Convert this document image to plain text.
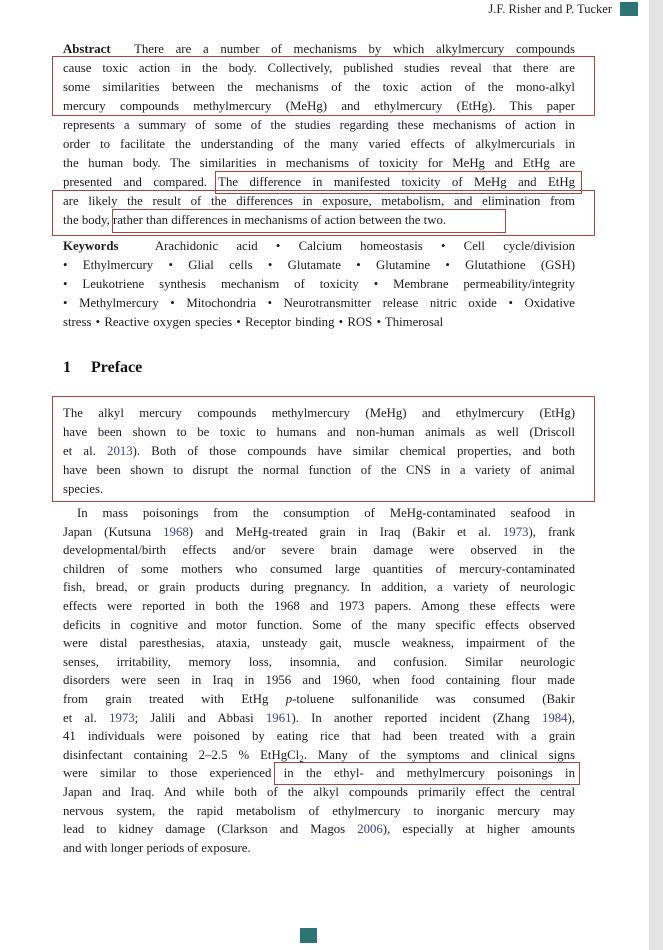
J.F. Risher and P. Tucker
Abstract  There are a number of mechanisms by which alkylmercury compounds
cause toxic action in the body. Collectively, published studies reveal that there are
some similarities between the mechanisms of the toxic action of the mono-alkyl
mercury compounds methylmercury (MeHg) and ethylmercury (EtHg). This paper
represents a summary of some of the studies regarding these mechanisms of action in
order to facilitate the understanding of the many varied effects of alkylmercurials in
the human body. The similarities in mechanisms of toxicity for MeHg and EtHg are
presented and compared. The difference in manifested toxicity of MeHg and EtHg
are likely the result of the differences in exposure, metabolism, and elimination from
the body, rather than differences in mechanisms of action between the two.
Keywords  Arachidonic acid • Calcium homeostasis • Cell cycle/division
• Ethylmercury • Glial cells • Glutamate • Glutamine • Glutathione (GSH)
• Leukotriene synthesis mechanism of toxicity • Membrane permeability/integrity
• Methylmercury • Mitochondria • Neurotransmitter release nitric oxide • Oxidative
stress • Reactive oxygen species • Receptor binding • ROS • Thimerosal
1 Preface
The alkyl mercury compounds methylmercury (MeHg) and ethylmercury (EtHg)
have been shown to be toxic to humans and non-human animals as well (Driscoll
et al. 2013). Both of those compounds have similar chemical properties, and both
have been shown to disrupt the normal function of the CNS in a variety of animal
species.
In mass poisonings from the consumption of MeHg-contaminated seafood in
Japan (Kutsuna 1968) and MeHg-treated grain in Iraq (Bakir et al. 1973), frank
developmental/birth effects and/or severe brain damage were observed in the
children of some mothers who consumed large quantities of mercury-contaminated
fish, bread, or grain products during pregnancy. In addition, a variety of neurologic
effects were reported in both the 1968 and 1973 papers. Among these effects were
deficits in cognitive and motor function. Some of the many specific effects observed
were distal paresthesias, ataxia, unsteady gait, muscle weakness, impairment of the
senses, irritability, memory loss, insomnia, and confusion. Similar neurologic
disorders were seen in Iraq in 1956 and 1960, when food containing flour made
from grain treated with EtHg p-toluene sulfonanilide was consumed (Bakir
et al. 1973; Jalili and Abbasi 1961). In another reported incident (Zhang 1984),
41 individuals were poisoned by eating rice that had been treated with a grain
disinfectant containing 2–2.5 % EtHgCl$_2$. Many of the symptoms and clinical signs
were similar to those experienced in the ethyl- and methylmercury poisonings in
Japan and Iraq. And while both of the alkyl compounds primarily effect the central
nervous system, the rapid metabolism of ethylmercury to inorganic mercury may
lead to kidney damage (Clarkson and Magos 2006), especially at higher amounts
and with longer periods of exposure.
